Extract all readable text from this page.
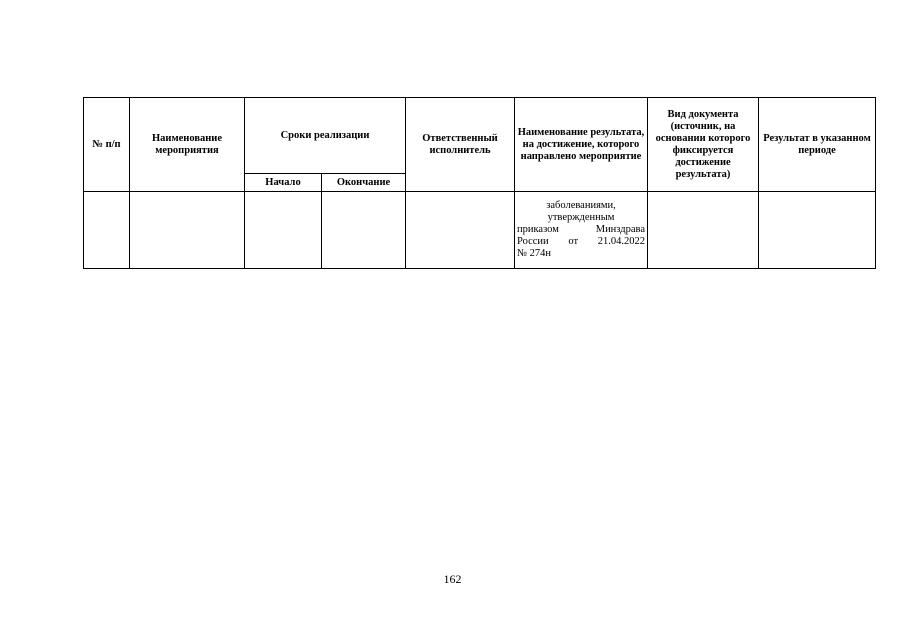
№ п/п	Наименование мероприятия	Сроки реализации		Ответственный исполнитель	Наименование результата, на достижение, которого направлено мероприятие	Вид документа (источник, на основании которого фиксируется достижение результата)	Результат в указанном периоде
		Начало	Окончание				

					заболеваниями,
утвержденным
приказом Минздрава
России от 21.04.2022
№ 274н		

162
